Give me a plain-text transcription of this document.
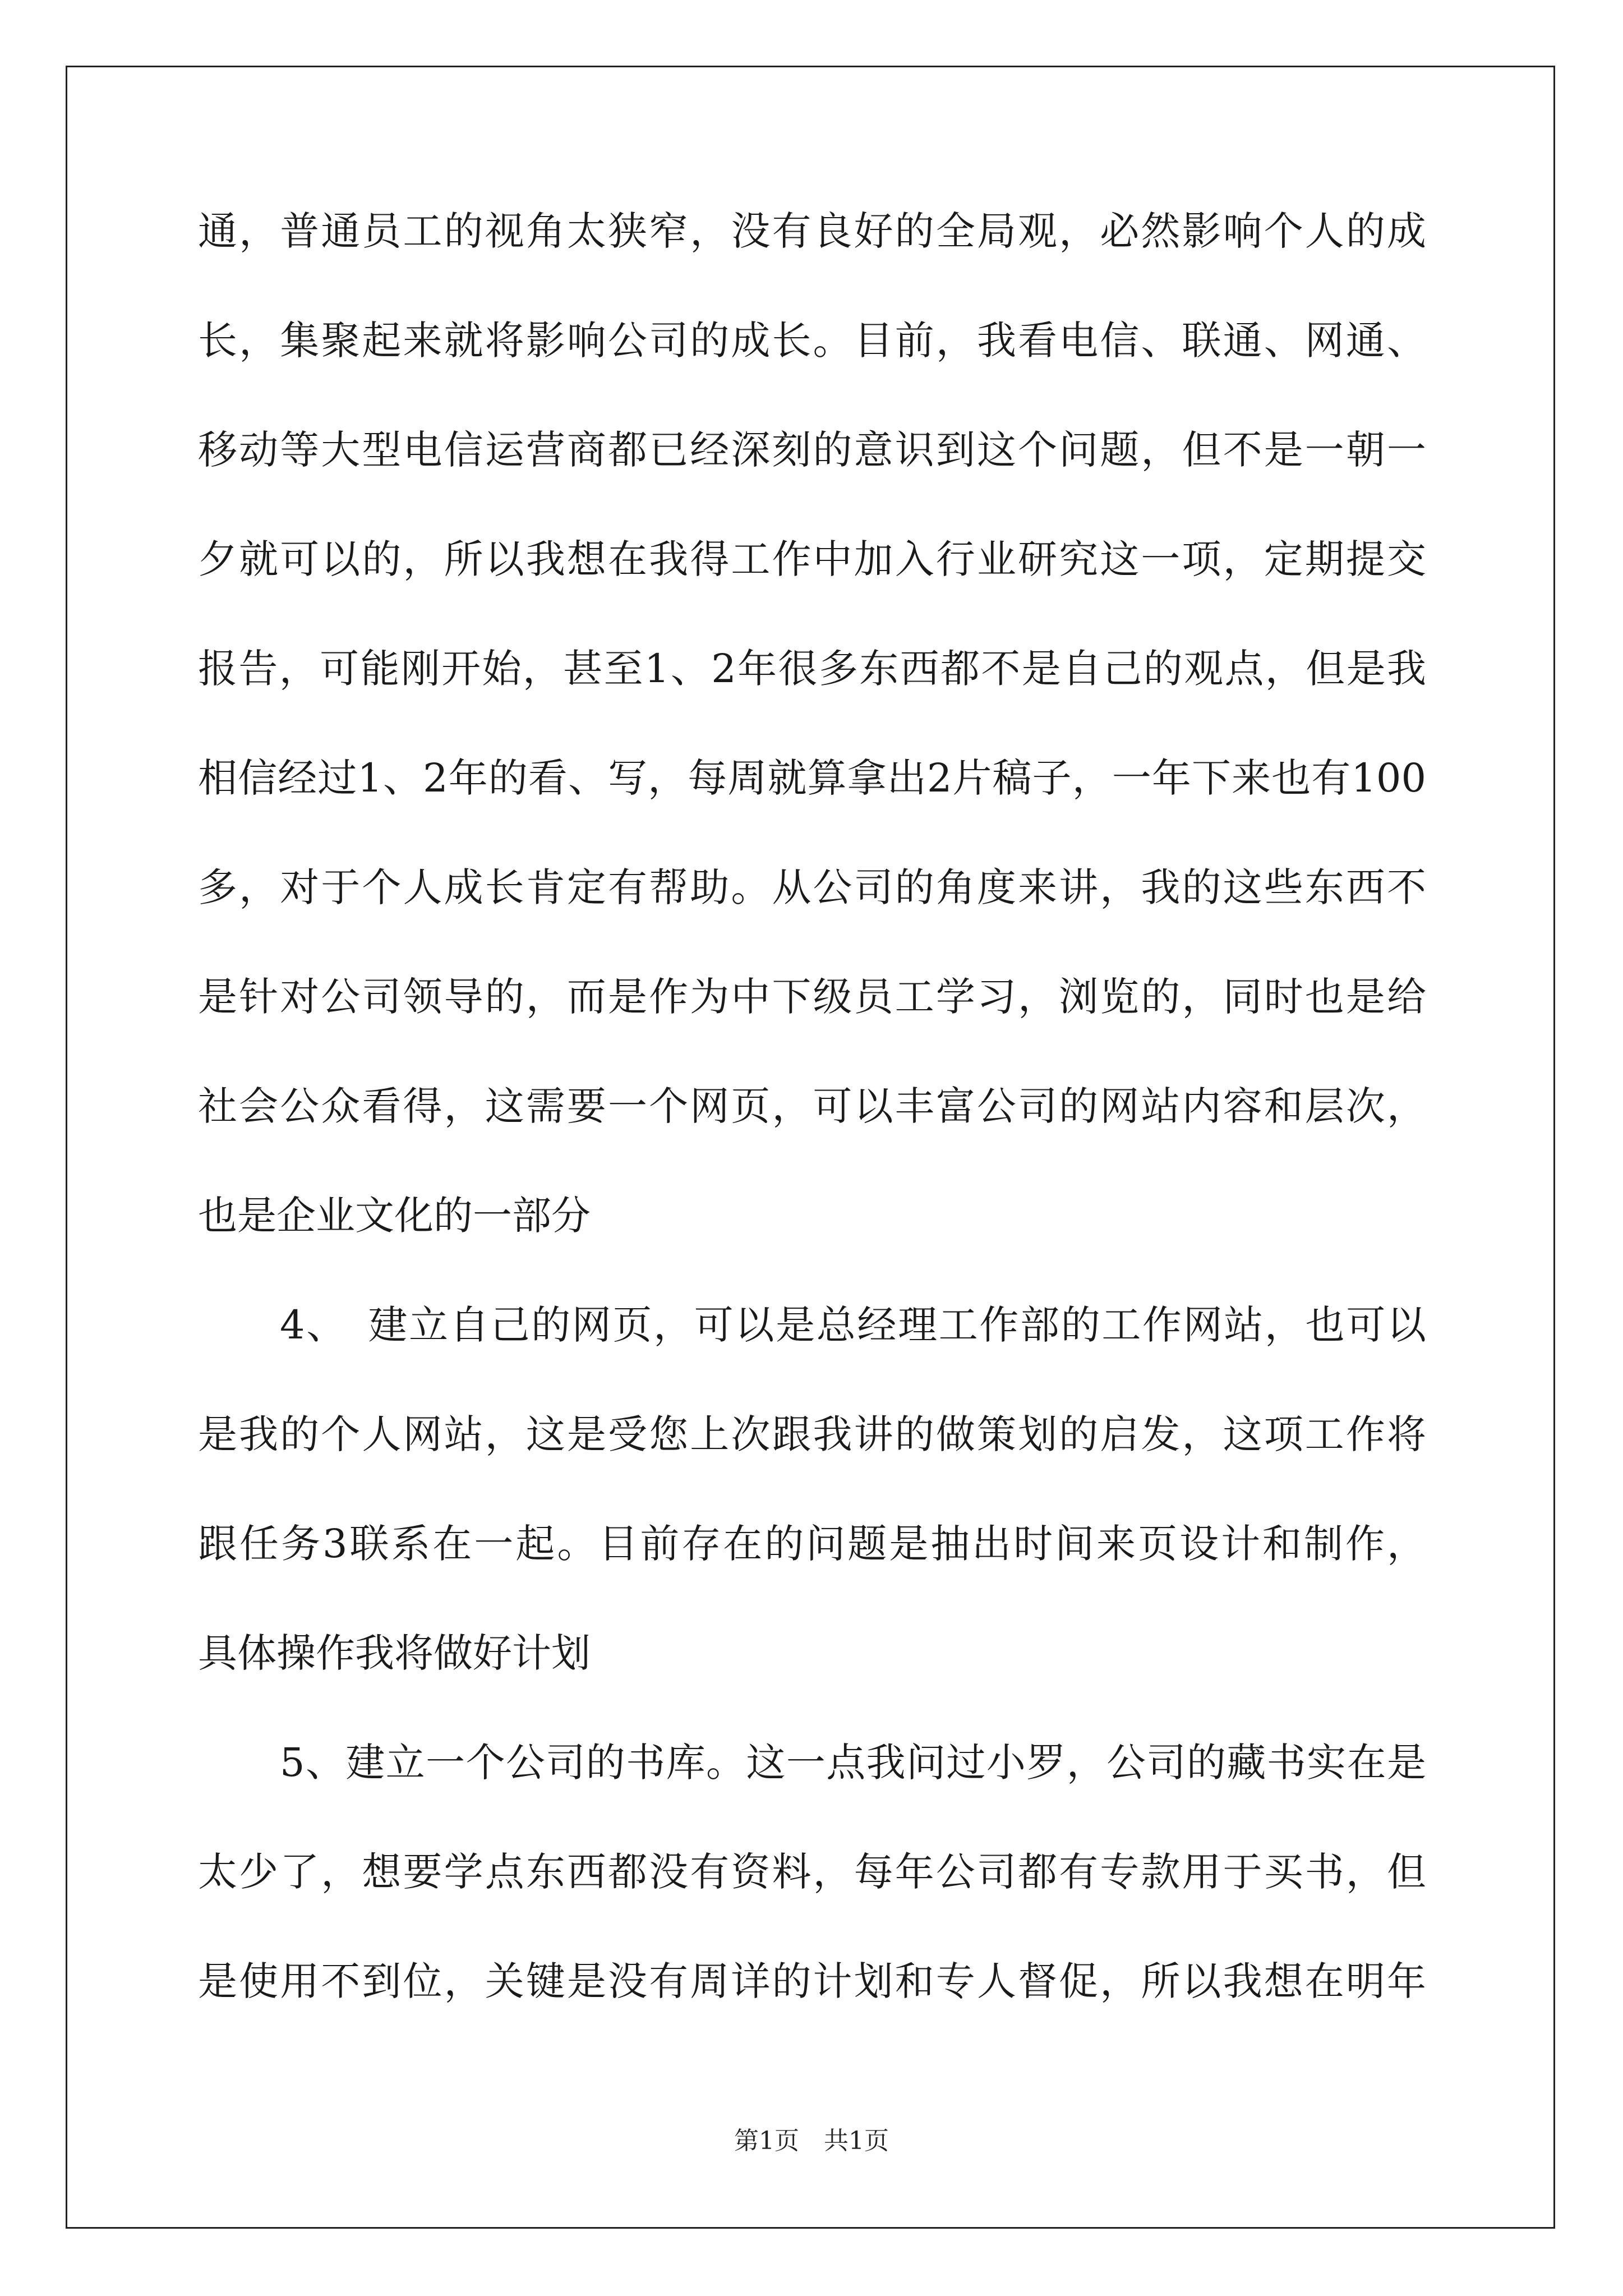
通，普通员工的视角太狭窄，没有良好的全局观，必然影响个人的成
长，集聚起来就将影响公司的成长。目前，我看电信、联通、网通、
移动等大型电信运营商都已经深刻的意识到这个问题，但不是一朝一
夕就可以的，所以我想在我得工作中加入行业研究这一项，定期提交
报告，可能刚开始，甚至1、2年很多东西都不是自己的观点，但是我
相信经过1、2年的看、写，每周就算拿出2片稿子，一年下来也有100
多，对于个人成长肯定有帮助。从公司的角度来讲，我的这些东西不
是针对公司领导的，而是作为中下级员工学习，浏览的，同时也是给
社会公众看得，这需要一个网页，可以丰富公司的网站内容和层次，
也是企业文化的一部分
4、　建立自己的网页，可以是总经理工作部的工作网站，也可以
是我的个人网站，这是受您上次跟我讲的做策划的启发，这项工作将
跟任务3联系在一起。目前存在的问题是抽出时间来页设计和制作，
具体操作我将做好计划
5、建立一个公司的书库。这一点我问过小罗，公司的藏书实在是
太少了，想要学点东西都没有资料，每年公司都有专款用于买书，但
是使用不到位，关键是没有周详的计划和专人督促，所以我想在明年
第1页　共1页
